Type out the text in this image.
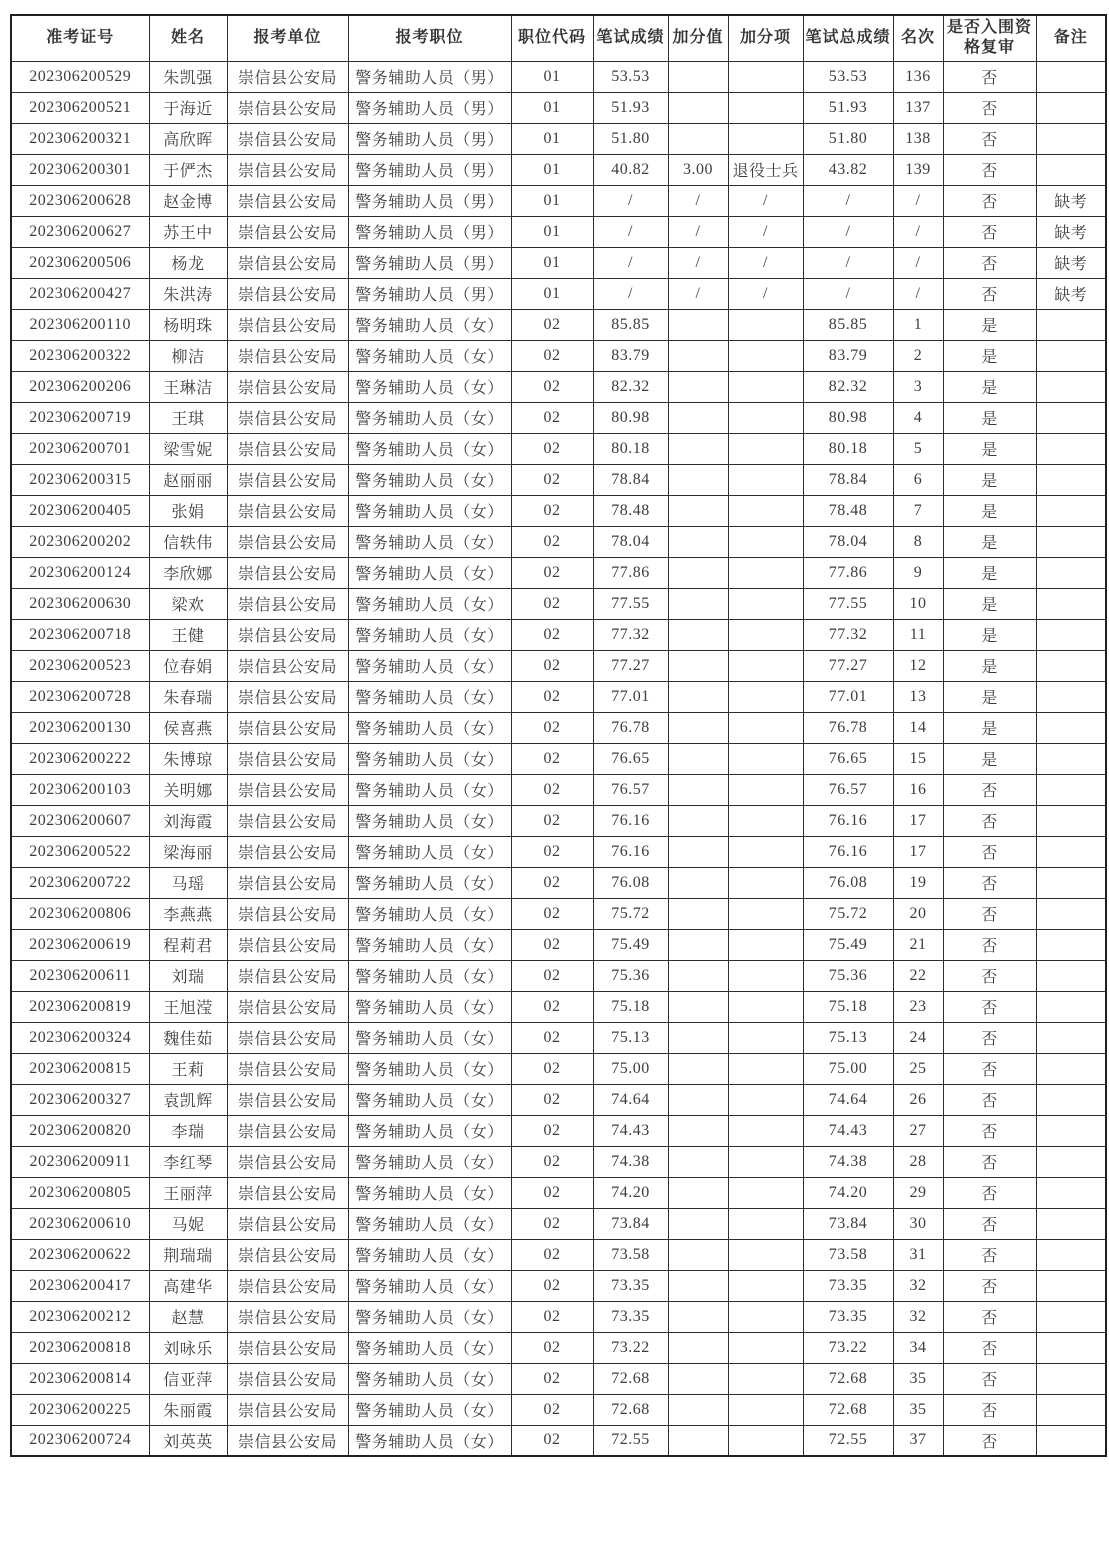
准考证号	姓名	报考单位	报考职位	职位代码	笔试成绩	加分值	加分项	笔试总成绩	名次	是否入围资格复审	备注
202306200529	朱凯强	崇信县公安局	警务辅助人员（男）	01	53.53			53.53	136	否	
202306200521	于海近	崇信县公安局	警务辅助人员（男）	01	51.93			51.93	137	否	
202306200321	高欣晖	崇信县公安局	警务辅助人员（男）	01	51.80			51.80	138	否	
202306200301	于俨杰	崇信县公安局	警务辅助人员（男）	01	40.82	3.00	退役士兵	43.82	139	否	
202306200628	赵金博	崇信县公安局	警务辅助人员（男）	01	/	/	/	/	/	否	缺考
202306200627	苏王中	崇信县公安局	警务辅助人员（男）	01	/	/	/	/	/	否	缺考
202306200506	杨龙	崇信县公安局	警务辅助人员（男）	01	/	/	/	/	/	否	缺考
202306200427	朱洪涛	崇信县公安局	警务辅助人员（男）	01	/	/	/	/	/	否	缺考
202306200110	杨明珠	崇信县公安局	警务辅助人员（女）	02	85.85			85.85	1	是	
202306200322	柳洁	崇信县公安局	警务辅助人员（女）	02	83.79			83.79	2	是	
202306200206	王琳洁	崇信县公安局	警务辅助人员（女）	02	82.32			82.32	3	是	
202306200719	王琪	崇信县公安局	警务辅助人员（女）	02	80.98			80.98	4	是	
202306200701	梁雪妮	崇信县公安局	警务辅助人员（女）	02	80.18			80.18	5	是	
202306200315	赵丽丽	崇信县公安局	警务辅助人员（女）	02	78.84			78.84	6	是	
202306200405	张娟	崇信县公安局	警务辅助人员（女）	02	78.48			78.48	7	是	
202306200202	信轶伟	崇信县公安局	警务辅助人员（女）	02	78.04			78.04	8	是	
202306200124	李欣娜	崇信县公安局	警务辅助人员（女）	02	77.86			77.86	9	是	
202306200630	梁欢	崇信县公安局	警务辅助人员（女）	02	77.55			77.55	10	是	
202306200718	王健	崇信县公安局	警务辅助人员（女）	02	77.32			77.32	11	是	
202306200523	位春娟	崇信县公安局	警务辅助人员（女）	02	77.27			77.27	12	是	
202306200728	朱春瑞	崇信县公安局	警务辅助人员（女）	02	77.01			77.01	13	是	
202306200130	侯喜燕	崇信县公安局	警务辅助人员（女）	02	76.78			76.78	14	是	
202306200222	朱博琼	崇信县公安局	警务辅助人员（女）	02	76.65			76.65	15	是	
202306200103	关明娜	崇信县公安局	警务辅助人员（女）	02	76.57			76.57	16	否	
202306200607	刘海霞	崇信县公安局	警务辅助人员（女）	02	76.16			76.16	17	否	
202306200522	梁海丽	崇信县公安局	警务辅助人员（女）	02	76.16			76.16	17	否	
202306200722	马瑶	崇信县公安局	警务辅助人员（女）	02	76.08			76.08	19	否	
202306200806	李燕燕	崇信县公安局	警务辅助人员（女）	02	75.72			75.72	20	否	
202306200619	程莉君	崇信县公安局	警务辅助人员（女）	02	75.49			75.49	21	否	
202306200611	刘瑞	崇信县公安局	警务辅助人员（女）	02	75.36			75.36	22	否	
202306200819	王旭滢	崇信县公安局	警务辅助人员（女）	02	75.18			75.18	23	否	
202306200324	魏佳茹	崇信县公安局	警务辅助人员（女）	02	75.13			75.13	24	否	
202306200815	王莉	崇信县公安局	警务辅助人员（女）	02	75.00			75.00	25	否	
202306200327	袁凯辉	崇信县公安局	警务辅助人员（女）	02	74.64			74.64	26	否	
202306200820	李瑞	崇信县公安局	警务辅助人员（女）	02	74.43			74.43	27	否	
202306200911	李红琴	崇信县公安局	警务辅助人员（女）	02	74.38			74.38	28	否	
202306200805	王丽萍	崇信县公安局	警务辅助人员（女）	02	74.20			74.20	29	否	
202306200610	马妮	崇信县公安局	警务辅助人员（女）	02	73.84			73.84	30	否	
202306200622	荆瑞瑞	崇信县公安局	警务辅助人员（女）	02	73.58			73.58	31	否	
202306200417	高建华	崇信县公安局	警务辅助人员（女）	02	73.35			73.35	32	否	
202306200212	赵慧	崇信县公安局	警务辅助人员（女）	02	73.35			73.35	32	否	
202306200818	刘咏乐	崇信县公安局	警务辅助人员（女）	02	73.22			73.22	34	否	
202306200814	信亚萍	崇信县公安局	警务辅助人员（女）	02	72.68			72.68	35	否	
202306200225	朱丽霞	崇信县公安局	警务辅助人员（女）	02	72.68			72.68	35	否	
202306200724	刘英英	崇信县公安局	警务辅助人员（女）	02	72.55			72.55	37	否	
